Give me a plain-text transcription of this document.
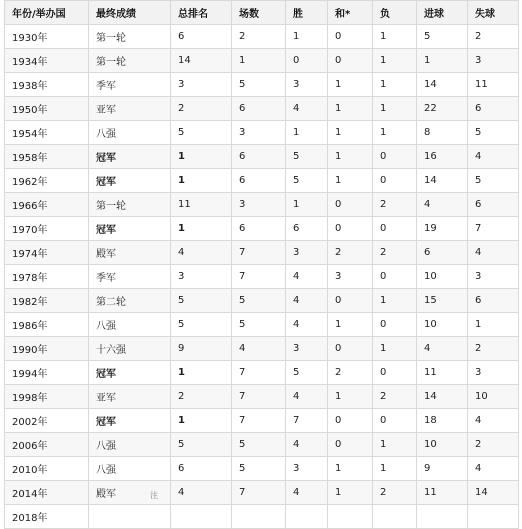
年份/举办国	最终成绩	总排名	场数	胜	和*	负	进球	失球
1930年	第一轮	6	2	1	0	1	5	2
1934年	第一轮	14	1	0	0	1	1	3
1938年	季军	3	5	3	1	1	14	11
1950年	亚军	2	6	4	1	1	22	6
1954年	八强	5	3	1	1	1	8	5
1958年	冠军	1	6	5	1	0	16	4
1962年	冠军	1	6	5	1	0	14	5
1966年	第一轮	11	3	1	0	2	4	6
1970年	冠军	1	6	6	0	0	19	7
1974年	殿军	4	7	3	2	2	6	4
1978年	季军	3	7	4	3	0	10	3
1982年	第二轮	5	5	4	0	1	15	6
1986年	八强	5	5	4	1	0	10	1
1990年	十六强	9	4	3	0	1	4	2
1994年	冠军	1	7	5	2	0	11	3
1998年	亚军	2	7	4	1	2	14	10
2002年	冠军	1	7	7	0	0	18	4
2006年	八强	5	5	4	0	1	10	2
2010年	八强	6	5	3	1	1	9	4
2014年	殿军	4	7	4	1	2	11	14
2018年								
注
